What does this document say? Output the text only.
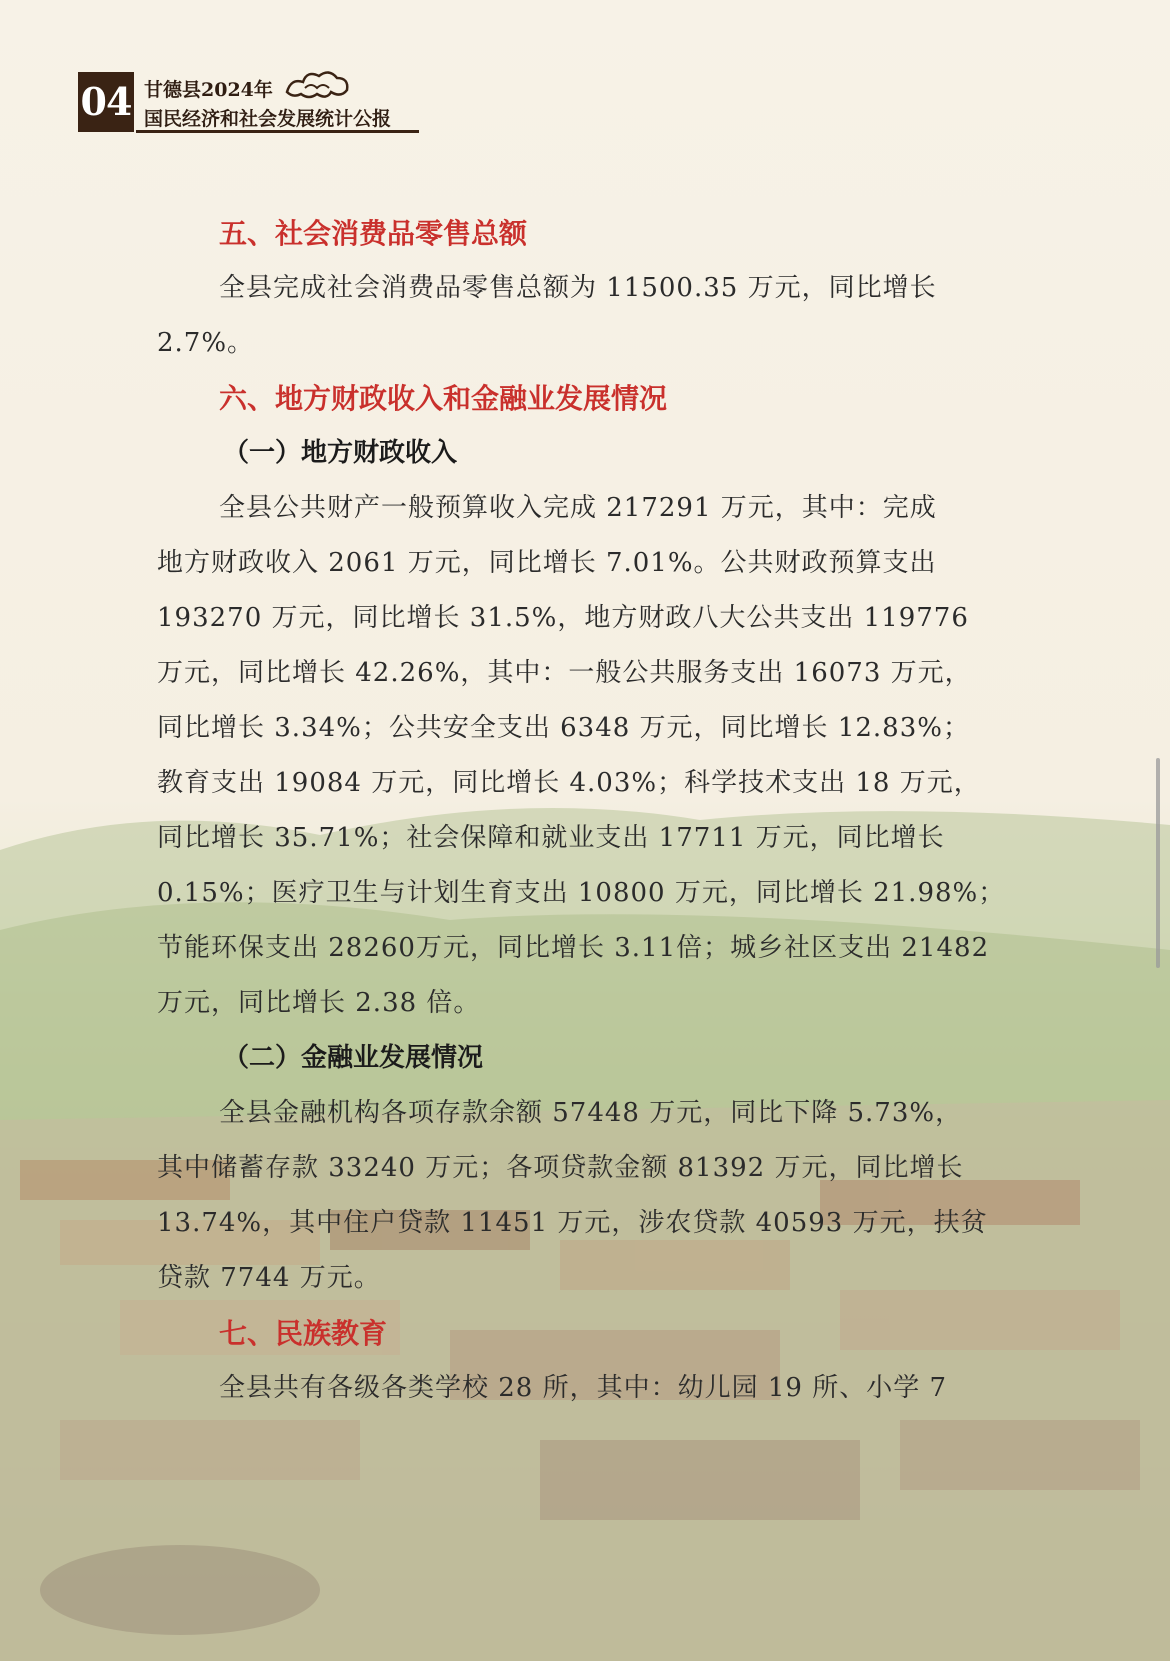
04 甘德县2024年
国民经济和社会发展统计公报

五、社会消费品零售总额

全县完成社会消费品零售总额为 11500.35 万元，同比增长

2.7%。

六、地方财政收入和金融业发展情况

（一）地方财政收入

全县公共财产一般预算收入完成 217291 万元，其中：完成

地方财政收入 2061 万元，同比增长 7.01%。公共财政预算支出

193270 万元，同比增长 31.5%，地方财政八大公共支出 119776

万元，同比增长 42.26%，其中：一般公共服务支出 16073 万元，

同比增长 3.34%；公共安全支出 6348 万元，同比增长 12.83%；

教育支出 19084 万元，同比增长 4.03%；科学技术支出 18 万元，

同比增长 35.71%；社会保障和就业支出 17711 万元，同比增长

0.15%；医疗卫生与计划生育支出 10800 万元，同比增长 21.98%；

节能环保支出 28260万元，同比增长 3.11倍；城乡社区支出 21482

万元，同比增长 2.38 倍。

（二）金融业发展情况

全县金融机构各项存款余额 57448 万元，同比下降 5.73%，

其中储蓄存款 33240 万元；各项贷款金额 81392 万元，同比增长

13.74%，其中住户贷款 11451 万元，涉农贷款 40593 万元，扶贫

贷款 7744 万元。

七、民族教育

全县共有各级各类学校 28 所，其中：幼儿园 19 所、小学 7
